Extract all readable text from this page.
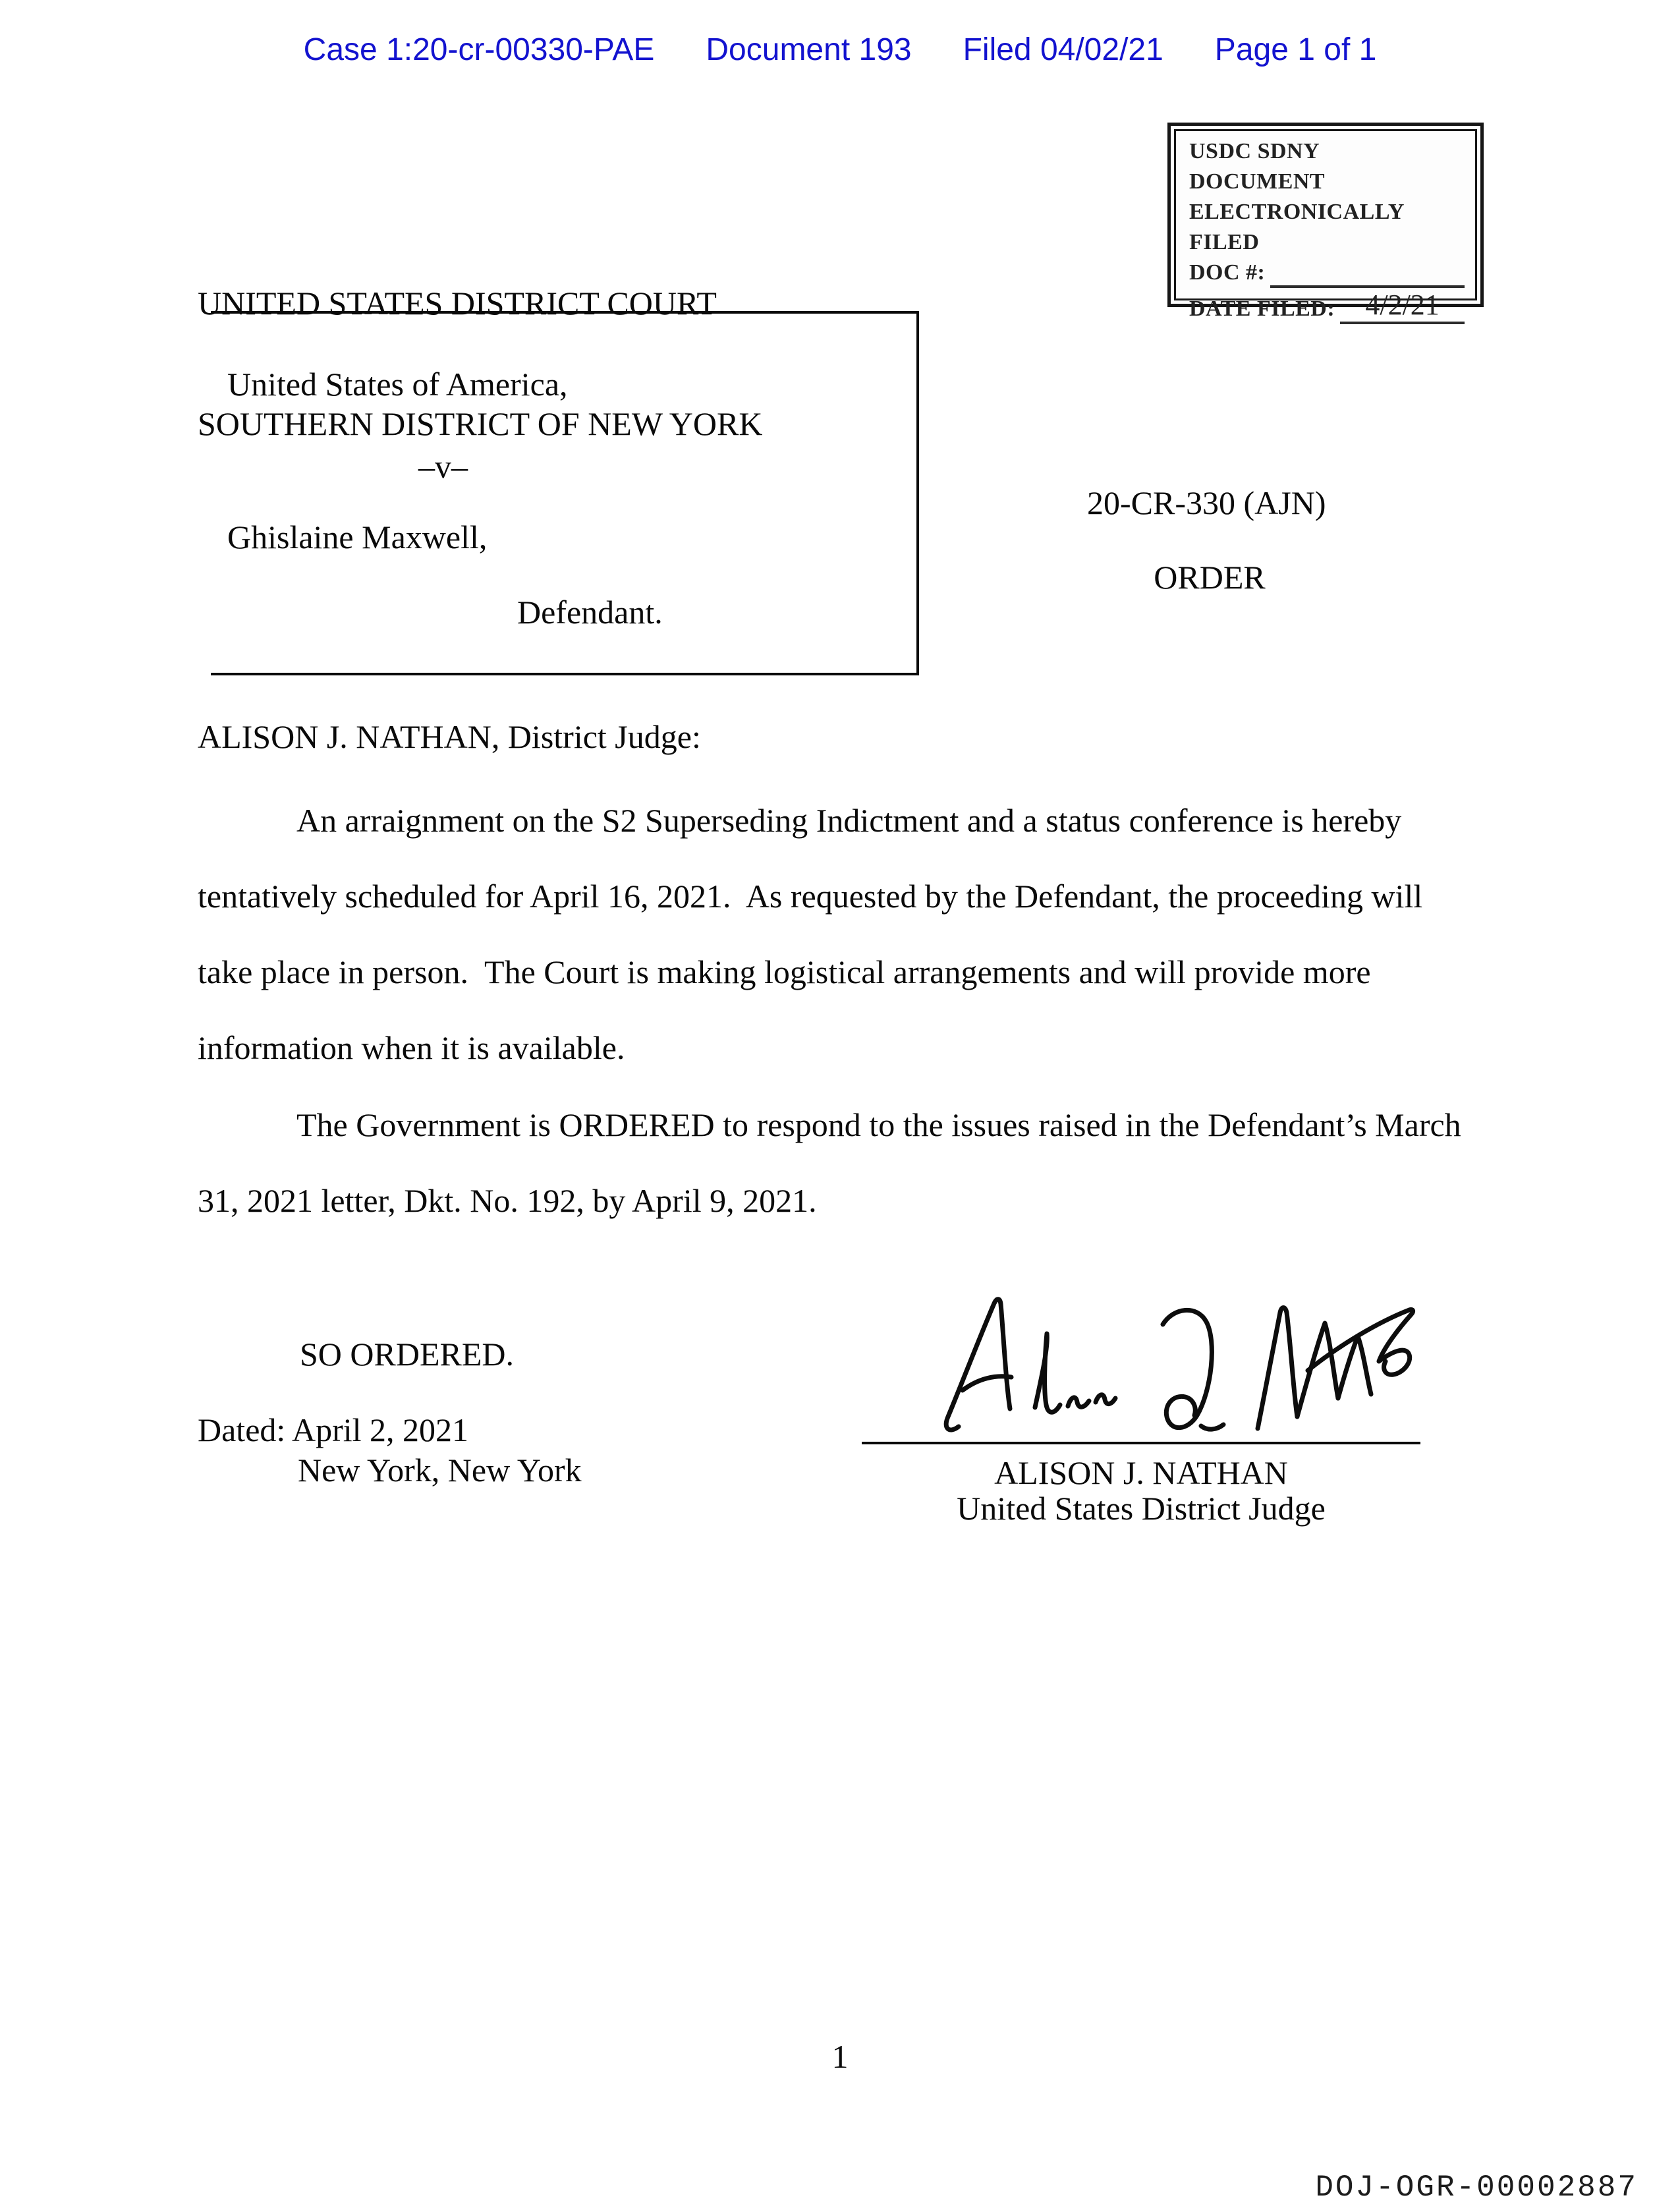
Case 1:20-cr-00330-PAE Document 193 Filed 04/02/21 Page 1 of 1
USDC SDNY
DOCUMENT
ELECTRONICALLY FILED
DOC #:
DATE FILED:	4/2/21

UNITED STATES DISTRICT COURT

SOUTHERN DISTRICT OF NEW YORK

United States of America,
–v–
Ghislaine Maxwell,
Defendant.
20-CR-330 (AJN)
ORDER
ALISON J. NATHAN, District Judge:
An arraignment on the S2 Superseding Indictment and a status conference is hereby
tentatively scheduled for April 16, 2021.  As requested by the Defendant, the proceeding will
take place in person.  The Court is making logistical arrangements and will provide more
information when it is available.
The Government is ORDERED to respond to the issues raised in the Defendant’s March
31, 2021 letter, Dkt. No. 192, by April 9, 2021.
SO ORDERED.
Dated: April 2, 2021
New York, New York	ALISON J. NATHAN
United States District Judge
1
DOJ-OGR-00002887
